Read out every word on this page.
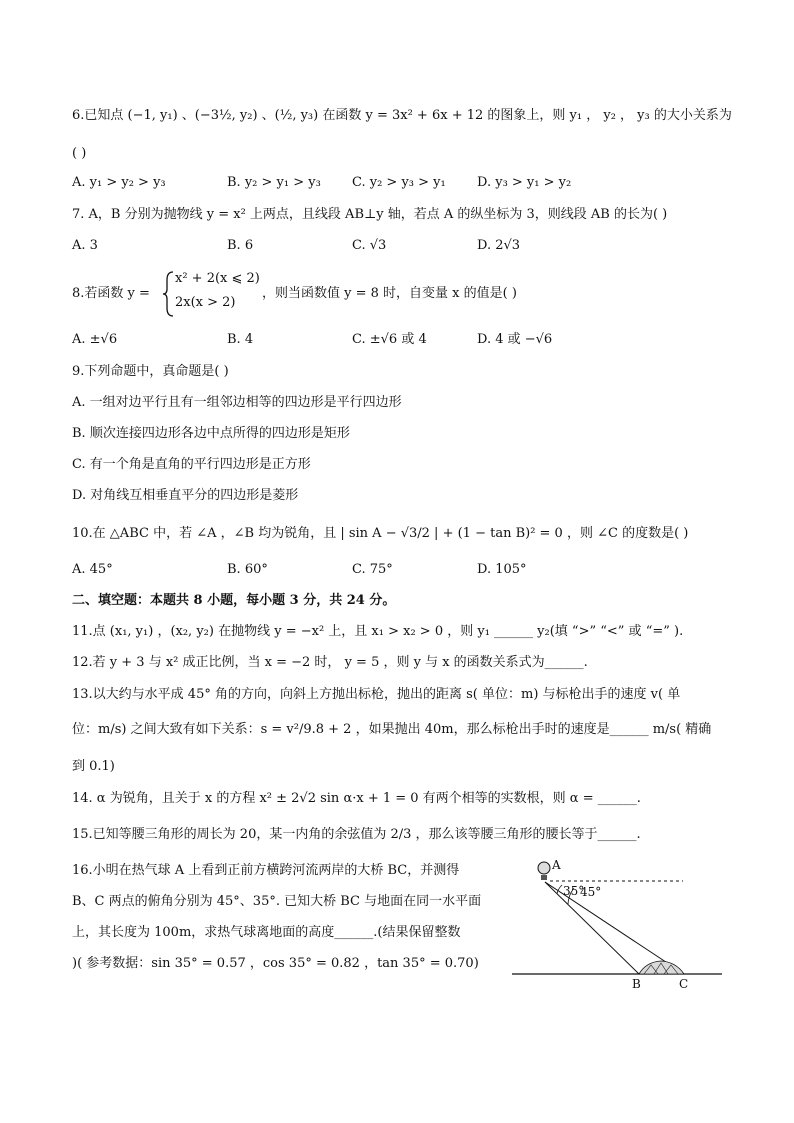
6.已知点 (−1, y₁) 、(−3½, y₂) 、(½, y₃) 在函数 y = 3x² + 6x + 12 的图象上，则 y₁ ， y₂ ， y₃ 的大小关系为
( )
A. y₁ > y₂ > y₃	B. y₂ > y₁ > y₃ C. y₂ > y₃ > y₁ D. y₃ > y₁ > y₂
7. A，B 分别为抛物线 y = x² 上两点，且线段 AB⊥y 轴，若点 A 的纵坐标为 3，则线段 AB 的长为( )
A. 3	B. 6	C. √3	D. 2√3
8.若函数 y =
x² + 2(x ⩽ 2)
2x(x > 2)
，则当函数值 y = 8 时，自变量 x 的值是( )
A. ±√6	B. 4	C. ±√6 或 4	D. 4 或 −√6
9.下列命题中，真命题是( )
A. 一组对边平行且有一组邻边相等的四边形是平行四边形
B. 顺次连接四边形各边中点所得的四边形是矩形
C. 有一个角是直角的平行四边形是正方形
D. 对角线互相垂直平分的四边形是菱形
10.在 △ABC 中，若 ∠A ，∠B 均为锐角，且 | sin A − √3/2 | + (1 − tan B)² = 0 ，则 ∠C 的度数是( )
A. 45°	B. 60°	C. 75°	D. 105°
二、填空题：本题共 8 小题，每小题 3 分，共 24 分。
11.点 (x₁, y₁) ，(x₂, y₂) 在抛物线 y = −x² 上，且 x₁ > x₂ > 0 ，则 y₁ ______ y₂(填 “>” “<” 或 “=” ).
12.若 y + 3 与 x² 成正比例，当 x = −2 时， y = 5 ，则 y 与 x 的函数关系式为______.
13.以大约与水平成 45° 角的方向，向斜上方抛出标枪，抛出的距离 s( 单位：m) 与标枪出手的速度 v( 单
位：m/s) 之间大致有如下关系：s = v²/9.8 + 2 ，如果抛出 40m，那么标枪出手时的速度是______ m/s( 精确
到 0.1)
14. α 为锐角，且关于 x 的方程 x² ± 2√2 sin α·x + 1 = 0 有两个相等的实数根，则 α = ______.
15.已知等腰三角形的周长为 20，某一内角的余弦值为 2/3 ，那么该等腰三角形的腰长等于______.
16.小明在热气球 A 上看到正前方横跨河流两岸的大桥 BC，并测得
B、C 两点的俯角分别为 45°、35°. 已知大桥 BC 与地面在同一水平面
上，其长度为 100m，求热气球离地面的高度______.(结果保留整数
)( 参考数据：sin 35° = 0.57 ，cos 35° = 0.82 ，tan 35° = 0.70)
A
35°
45°
B	C
